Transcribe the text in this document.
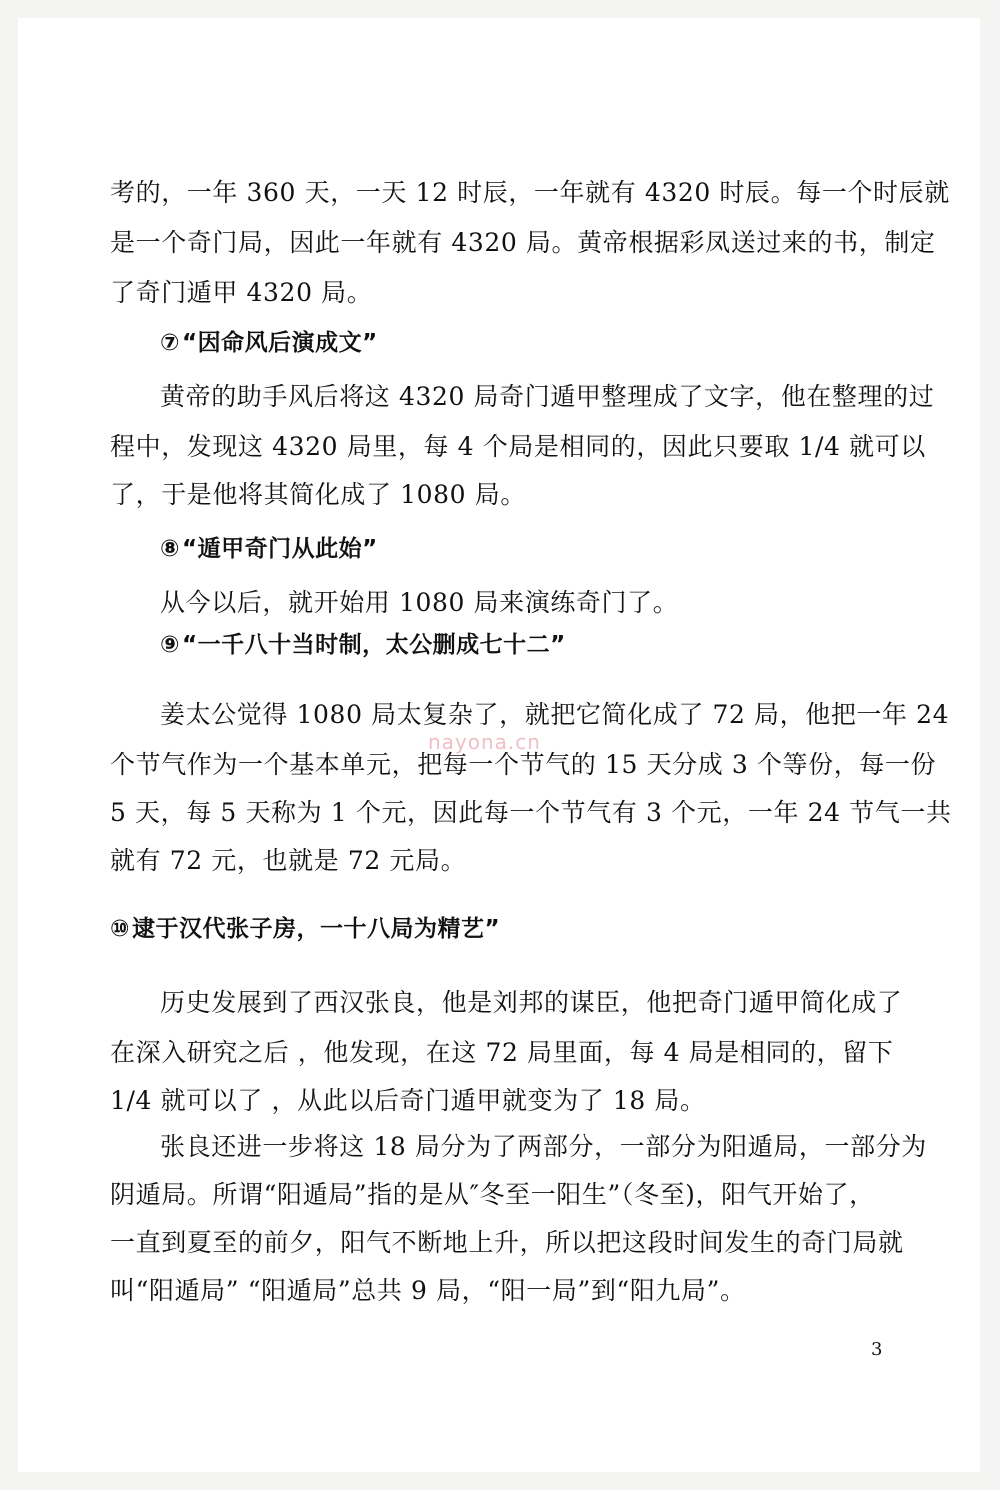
考的，一年 360 天，一天 12 时辰，一年就有 4320 时辰。每一个时辰就
是一个奇门局，因此一年就有 4320 局。黄帝根据彩凤送过来的书，制定
了奇门遁甲 4320 局。
⑦“因命风后演成文”
黄帝的助手风后将这 4320 局奇门遁甲整理成了文字，他在整理的过
程中，发现这 4320 局里，每 4 个局是相同的，因此只要取 1/4 就可以
了，于是他将其简化成了 1080 局。
⑧“遁甲奇门从此始”
从今以后，就开始用 1080 局来演练奇门了。
⑨“一千八十当时制，太公删成七十二”
姜太公觉得 1080 局太复杂了，就把它简化成了 72 局，他把一年 24
个节气作为一个基本单元，把每一个节气的 15 天分成 3 个等份，每一份
5 天，每 5 天称为 1 个元，因此每一个节气有 3 个元，一年 24 节气一共
就有 72 元，也就是 72 元局。
⑩逮于汉代张子房，一十八局为精艺”
历史发展到了西汉张良，他是刘邦的谋臣，他把奇门遁甲简化成了
在深入研究之后 ，他发现，在这 72 局里面，每 4 局是相同的，留下
1/4 就可以了 ，从此以后奇门遁甲就变为了 18 局。
张良还进一步将这 18 局分为了两部分，一部分为阳遁局，一部分为
阴遁局。所谓“阳遁局”指的是从″冬至一阳生”（冬至)，阳气开始了，
一直到夏至的前夕，阳气不断地上升，所以把这段时间发生的奇门局就
叫“阳遁局” “阳遁局”总共 9 局，“阳一局”到“阳九局”。
nayona.cn
3
